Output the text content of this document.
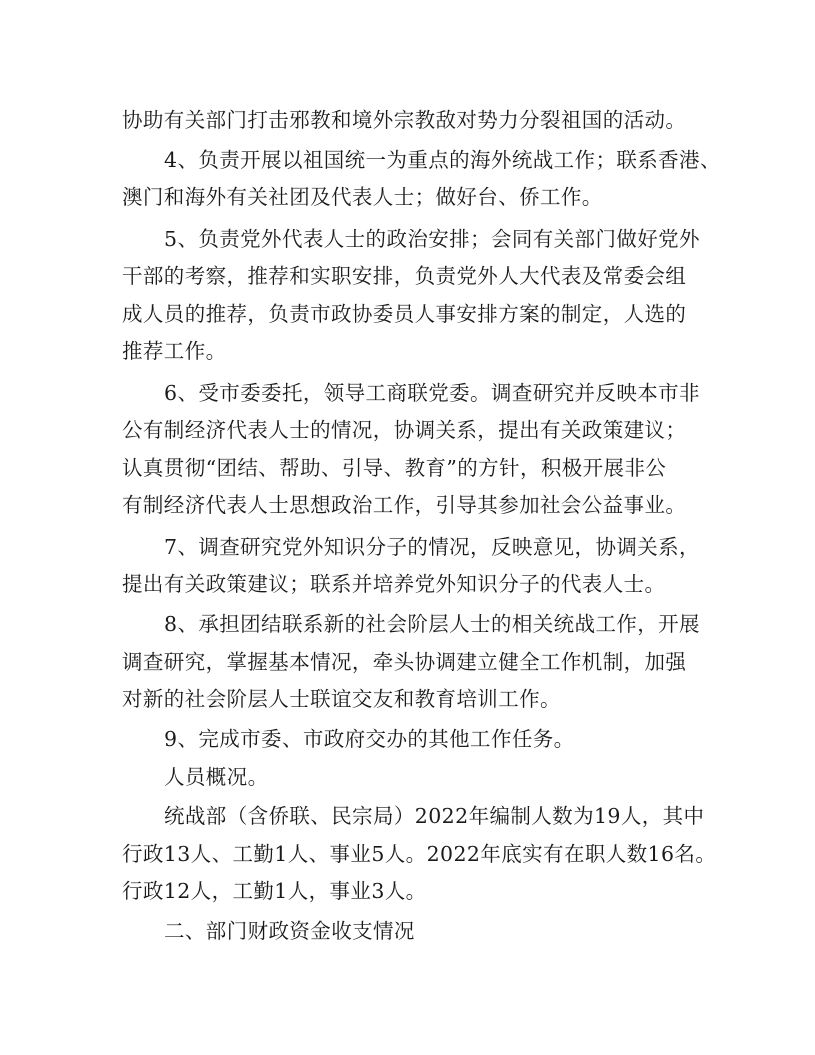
协助有关部门打击邪教和境外宗教敌对势力分裂祖国的活动。
4、负责开展以祖国统一为重点的海外统战工作；联系香港、
澳门和海外有关社团及代表人士；做好台、侨工作。
5、负责党外代表人士的政治安排；会同有关部门做好党外
干部的考察，推荐和实职安排，负责党外人大代表及常委会组
成人员的推荐，负责市政协委员人事安排方案的制定，人选的
推荐工作。
6、受市委委托，领导工商联党委。调查研究并反映本市非
公有制经济代表人士的情况，协调关系，提出有关政策建议；
认真贯彻“团结、帮助、引导、教育”的方针，积极开展非公
有制经济代表人士思想政治工作，引导其参加社会公益事业。
7、调查研究党外知识分子的情况，反映意见，协调关系，
提出有关政策建议；联系并培养党外知识分子的代表人士。
8、承担团结联系新的社会阶层人士的相关统战工作，开展
调查研究，掌握基本情况，牵头协调建立健全工作机制，加强
对新的社会阶层人士联谊交友和教育培训工作。
9、完成市委、市政府交办的其他工作任务。
人员概况。
统战部（含侨联、民宗局）2022年编制人数为19人，其中
行政13人、工勤1人、事业5人。2022年底实有在职人数16名。
行政12人，工勤1人，事业3人。
二、部门财政资金收支情况
